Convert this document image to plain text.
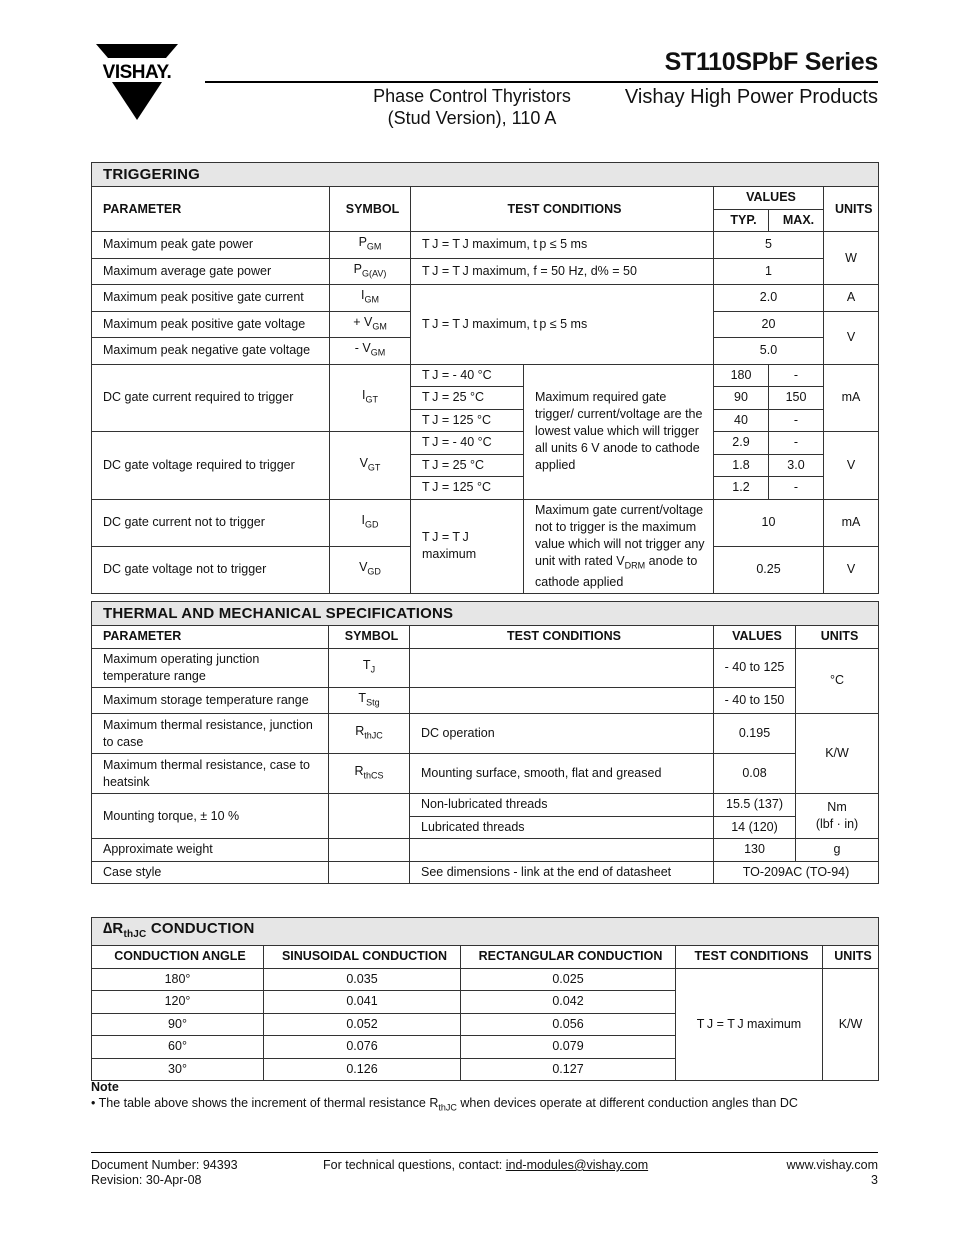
VISHAY.	ST110SPbF Series
Phase Control Thyristors
(Stud Version), 110 A
Vishay High Power Products
TRIGGERING						
PARAMETER	SYMBOL	TEST CONDITIONS		VALUES		UNITS
				TYP.	MAX.	
Maximum peak gate power	$P_{GM}$	T J = T J maximum, t p ≤ 5 ms		5		W
Maximum average gate power	$P_{G(AV)}$	T J = T J maximum, f = 50 Hz, d% = 50		1		
Maximum peak positive gate current	$I_{GM}$	T J = T J maximum, t p ≤ 5 ms		2.0		A
Maximum peak positive gate voltage	+ $V_{GM}$			20		V
Maximum peak negative gate voltage	- $V_{GM}$			5.0		
DC gate current required to trigger	$I_{GT}$	T J = - 40 °C	Maximum required gate trigger/ current/voltage are the lowest value which will trigger all units 6 V anode to cathode applied	180	-	mA
		T J = 25 °C		90	150	
		T J = 125 °C		40	-	
DC gate voltage required to trigger	$V_{GT}$	T J = - 40 °C		2.9	-	V
		T J = 25 °C		1.8	3.0	
		T J = 125 °C		1.2	-	
DC gate current not to trigger	$I_{GD}$	T J = T J maximum	Maximum gate current/voltage not to trigger is the maximum value which will not trigger any unit with rated $V_{DRM}$ anode to cathode applied	10		mA
DC gate voltage not to trigger	$V_{GD}$			0.25		V
THERMAL AND MECHANICAL SPECIFICATIONS				
PARAMETER	SYMBOL	TEST CONDITIONS	VALUES	UNITS
Maximum operating junction temperature range	$T_J$		- 40 to 125	°C
Maximum storage temperature range	$T_{Stg}$		- 40 to 150	
Maximum thermal resistance, junction to case	$R_{thJC}$	DC operation	0.195	K/W
Maximum thermal resistance, case to heatsink	$R_{thCS}$	Mounting surface, smooth, flat and greased	0.08	
Mounting torque, ± 10 %		Non-lubricated threads	15.5 (137)	Nm
(lbf · in)

		Lubricated threads	14 (120)	
Approximate weight			130	g
Case style		See dimensions - link at the end of datasheet	TO-209AC (TO-94)	
$\Delta R_{thJC}$ CONDUCTION				
CONDUCTION ANGLE	SINUSOIDAL CONDUCTION	RECTANGULAR CONDUCTION	TEST CONDITIONS	UNITS
180°	0.035	0.025	T J = T J maximum	K/W
120°	0.041	0.042		
90°	0.052	0.056		
60°	0.076	0.079		
30°	0.126	0.127		
Note
• The table above shows the increment of thermal resistance $R_{thJC}$ when devices operate at different conduction angles than DC
Document Number: 94393
Revision: 30-Apr-08
For technical questions, contact: ind-modules@vishay.com	www.vishay.com
3
